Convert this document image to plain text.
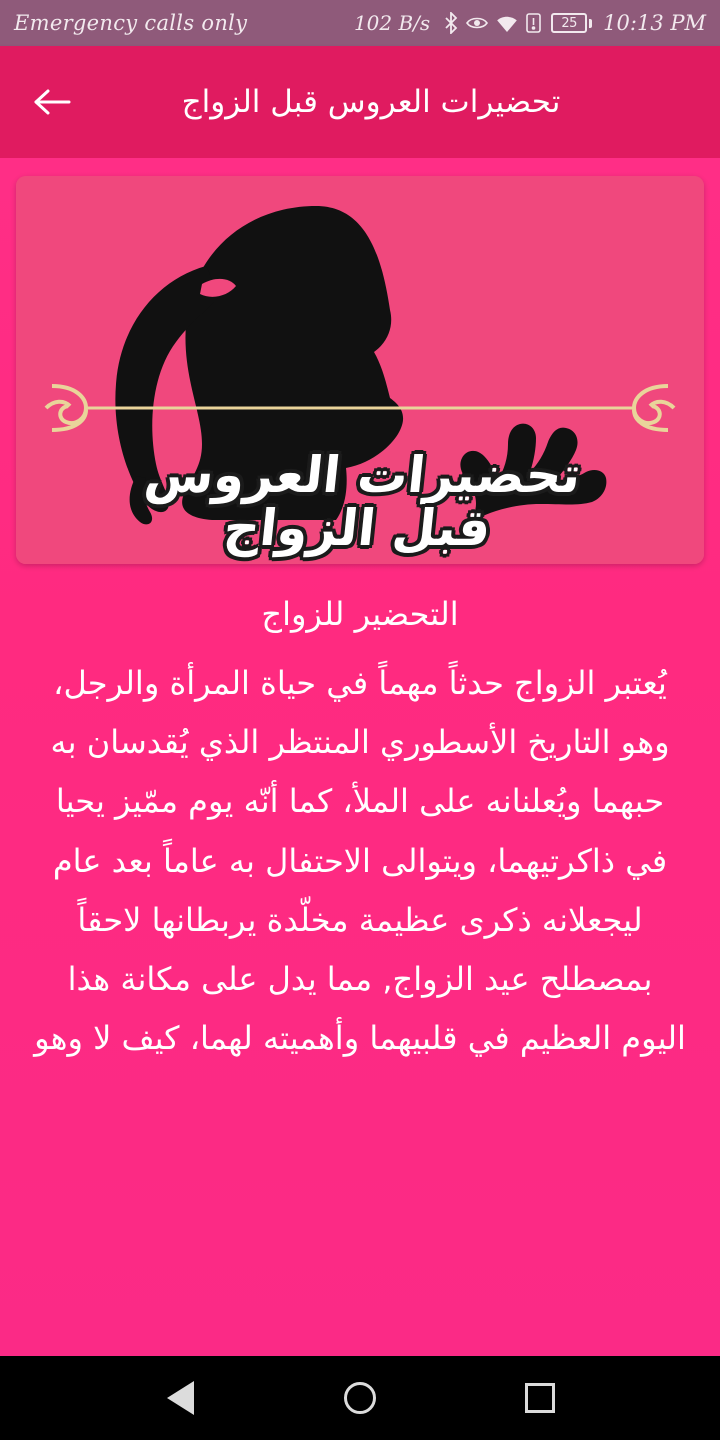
Emergency calls only	102 B/s	25	10:13 PM
تحضيرات العروس قبل الزواج
تحضيرات العروس
قبل الزواج
التحضير للزواج
يُعتبر الزواج حدثاً مهماً في حياة المرأة والرجل، وهو التاريخ الأسطوري المنتظر الذي يُقدسان به حبهما ويُعلنانه على الملأ، كما أنّه يوم ممّيز يحيا في ذاكرتيهما، ويتوالى الاحتفال به عاماً بعد عام ليجعلانه ذكرى عظيمة مخلّدة يربطانها لاحقاً بمصطلح عيد الزواج, مما يدل على مكانة هذا اليوم العظيم في قلبيهما وأهميته لهما، كيف لا وهو
